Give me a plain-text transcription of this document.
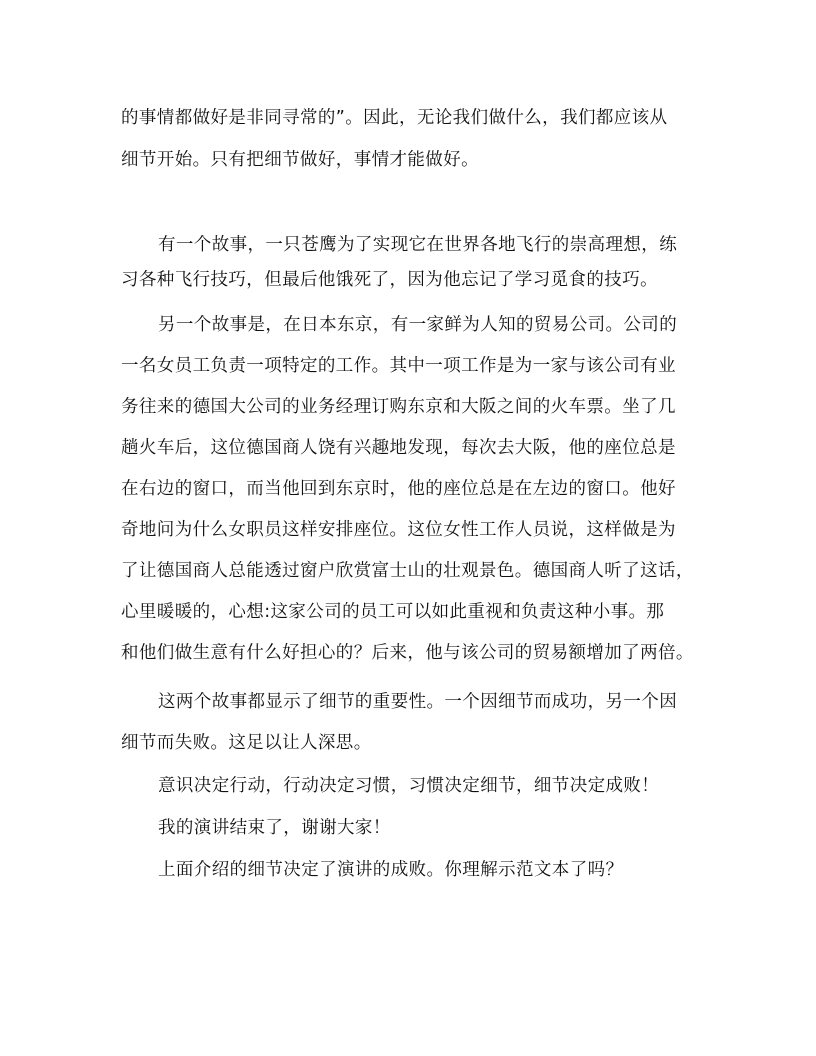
的事情都做好是非同寻常的”。因此，无论我们做什么，我们都应该从
细节开始。只有把细节做好，事情才能做好。
有一个故事，一只苍鹰为了实现它在世界各地飞行的崇高理想，练
习各种飞行技巧，但最后他饿死了，因为他忘记了学习觅食的技巧。
另一个故事是，在日本东京，有一家鲜为人知的贸易公司。公司的
一名女员工负责一项特定的工作。其中一项工作是为一家与该公司有业
务往来的德国大公司的业务经理订购东京和大阪之间的火车票。坐了几
趟火车后，这位德国商人饶有兴趣地发现，每次去大阪，他的座位总是
在右边的窗口，而当他回到东京时，他的座位总是在左边的窗口。他好
奇地问为什么女职员这样安排座位。这位女性工作人员说，这样做是为
了让德国商人总能透过窗户欣赏富士山的壮观景色。德国商人听了这话，
心里暖暖的，心想:这家公司的员工可以如此重视和负责这种小事。那
和他们做生意有什么好担心的？后来，他与该公司的贸易额增加了两倍。
这两个故事都显示了细节的重要性。一个因细节而成功，另一个因
细节而失败。这足以让人深思。
意识决定行动，行动决定习惯，习惯决定细节，细节决定成败！
我的演讲结束了，谢谢大家！
上面介绍的细节决定了演讲的成败。你理解示范文本了吗？
